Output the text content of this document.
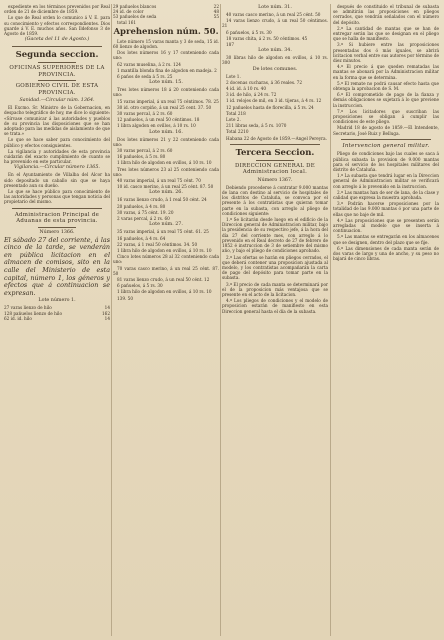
expediente en los términos prevenidos por Real orden de 21 de diciembre de 1859.

Lo que de Real orden lo comunico á V. E. para su conocimiento y efectos correspondientes. Dios guarde á V. E. muchos años. San Ildefonso 3 de Agosto de 1859.

(Gaceta del 11 de Agosto.)

Segunda seccion.

OFICINAS SUPERIORES DE LA PROVINCIA.

GOBIERNO CIVIL DE ESTA PROVINCIA.

Sanidad.—Circular núm. 1364.

El Excmo. Sr. Ministro de la Gobernacion, en despacho telegráfico de hoy, me dice lo siguiente: «Sírvase comunicar á las autoridades y pueblos de su provincia las disposiciones que se han adoptado para las medidas de aislamiento de que se trata.»

Lo que se hace saber para conocimiento del público y efectos consiguientes.

La vigilancia y autoridades de esta provincia cuidarán del exacto cumplimiento de cuanto se ha prevenido en este particular.

Vigilancia.—Circular número 1365.

En el Ayuntamiento de Villalba del Alcor ha sido depositado un caballo sin que se haya presentado aun su dueño.

Lo que se hace público para conocimiento de las autoridades y personas que tengan noticia del propietario del mismo.

Administracion Principal de Aduanas de esta provincia.

Número 1366.

El sábado 27 del corriente, á las cinco de la tarde, se venderán en pública licitacion en el almacen de comisos, sito en la calle del Ministerio de esta capital, número 1, los géneros y efectos que á continuacion se expresan.

Lote número 1.

27 varas lienzo de hilo	14
128 pañuelos lienzo de hilo	162
62 id. id. hilo	14
29 pañuelos blancos	22
24 id. de color	48
53 pañuelos de seda	55

total 161

Aprehension núm. 50.

Lote número 15 varas manta y 3 de seda, 15 id. 60 lienzo de algodon.

Dos lotes números 16 y 17 conteniendo cada uno:

62 varas muselina, á 2 rs. 124

1 mantilla blonda fina de algodon en madeja. 2

6 paños de seda á 5 rs. 25

Lote núm. 15.

Tres lotes números 18 á 20 conteniendo cada uno:

15 varas imperial, á un real 75 céntimos. 78. 25

30 id. otro corpiño, á un real 25 cent. 37. 50

30 varas percal, á 2 rs. 60

12 pañuelos, á un real 50 céntimos. 18

1 libra algodon en ovillos, á 10 rs. 10

Lote núm. 16.

Dos lotes números 21 y 22 conteniendo cada uno:

30 varas percal, á 2 rs. 60

16 pañuelos, á 5 rs. 80

1 libra hilo de algodon en ovillos, á 10 rs. 10

Tres lotes números 23 al 25 conteniendo cada uno:

40 varas imperial, á un real 75 cént. 70

10 id. casco merino, á un real 25 cént. 87. 50

Lote núm. 26.

16 varas lienzo crudo, á 1 real 50 cént. 24

20 pañuelos, á 4 rs. 80

30 varas, á 75 cént. 19. 20

2 varas percal, á 2 rs. 60

Lote núm. 27.

35 varas imperial, á un real 75 cént. 61. 25

16 pañuelos, á 4 rs. 64

22 varas, á 1 real 50 céntimos. 34. 50

1 libra hilo de algodon en ovillos, á 10 rs. 10

Cinco lotes números 28 al 32 conteniendo cada uno:

70 varas casco merino, á un real 25 cént. 87. 50

81 varas lienzo crudo, á un real 50 cént. 12

6 pañuelos, á 5 rs. 30

1 libra hilo de algodon en ovillos, á 10 rs. 10

139. 50

Lote núm. 31.

40 varas casco merino, á un real 25 cént. 50

14 varas lienzo crudo, á un real 50 céntimos. 21

6 pañuelos, á 5 rs. 30

18 varas chita, á 2 rs. 50 céntimos. 45

187

Lote núm. 34.

30 libras hilo de algodon en ovillos, á 10 rs. 300

De lotes comunes.

Lote 1.

2 docenas cucharas, á 36 reales. 72

4 id. id. á 10 rs. 40

3 id. de hilo, á 24 rs. 72

1 id. relojes de mil, en 3 id. tijeras, á 4 rs. 12

12 pañuelos hasta de florecilla, á 5 rs. 24

Total 218

Lote 2.

211 libras seda, á 5 rs. 1070

Total 2210

Habana 22 de Agosto de 1859.—Angel Pereyra.

Tercera Seccion.

DIRECCION GENERAL DE Administracion local.

Número 1367.

Debiendo procederse á contratar 9.000 mantas de lana con destino al servicio de hospitales de los distritos de Cataluña, se convoca por el presente á los contratistas que quieran tomar parte en la subasta, con arreglo al pliego de condiciones siguiente:

1.ª Se licitarán desde luego en el edificio de la Direccion general de Administracion militar, bajo la presidencia de su respectivo jefe, á la hora del día 27 del corriente mes, con arreglo á lo prevenido en el Real decreto de 27 de febrero de 1852 é instruccion de 3 de setiembre del mismo año, y bajo el pliego de condiciones aprobado.

2.ª Las ofertas se harán en pliegos cerrados, el que deberá contener una proposicion ajustada al modelo, y los contratistas acompañarán la carta de pago del depósito para tomar parte en la subasta.

3.ª El precio de cada manta se determinará por el de la proposicion más ventajosa que se presente en el acto de la licitacion.

4.ª Los pliegos de condiciones y el modelo de proposicion estarán de manifiesto en esta Direccion general hasta el día de la subasta.

después de constituido el tribunal de subasta se admitirán las proposiciones en pliegos cerrados, que vendrán señalados con el número del depósito.

2.ª La cantidad de mantas que se han de entregar serán las que se designan en el pliego que se halla de manifiesto.

3.ª Si hubiere entre las proposiciones presentadas dos ó más iguales, se abrirá licitacion verbal entre sus autores por término de diez minutos.

4.ª El precio á que queden rematadas las mantas se abonará por la Administracion militar en la forma que se determina.

5.ª El remate no podrá causar efecto hasta que obtenga la aprobacion de S. M.

6.ª El comprometido de pago de la fianza y demás obligaciones se sujetará á lo que previene la instruccion.

7.ª Los licitadores que suscriban las proposiciones se obligan á cumplir las condiciones de este pliego.

Madrid 18 de agosto de 1859.—El Intendente, Secretario, José Ruiz y Belluga.

Intervencion general militar.

Pliego de condiciones bajo las cuales se saca á pública subasta la provision de 9.000 mantas para el servicio de los hospitales militares del distrito de Cataluña.

1.ª La subasta que tendrá lugar en la Direccion general de Administracion militar se verificará con arreglo á lo prevenido en la instruccion.

2.ª Las mantas han de ser de lana, de la clase y calidad que expresa la muestra aprobada.

3.ª Podrán hacerse proposiciones por la totalidad de las 9.000 mantas ó por una parte de ellas que no baje de mil.

4.ª Las proposiciones que se presenten serán arregladas al modelo que se inserta á continuacion.

5.ª Las mantas se entregarán en los almacenes que se designen, dentro del plazo que se fije.

6.ª Las dimensiones de cada manta serán de dos varas de largo y una de ancho, y su peso no bajará de cinco libras.
